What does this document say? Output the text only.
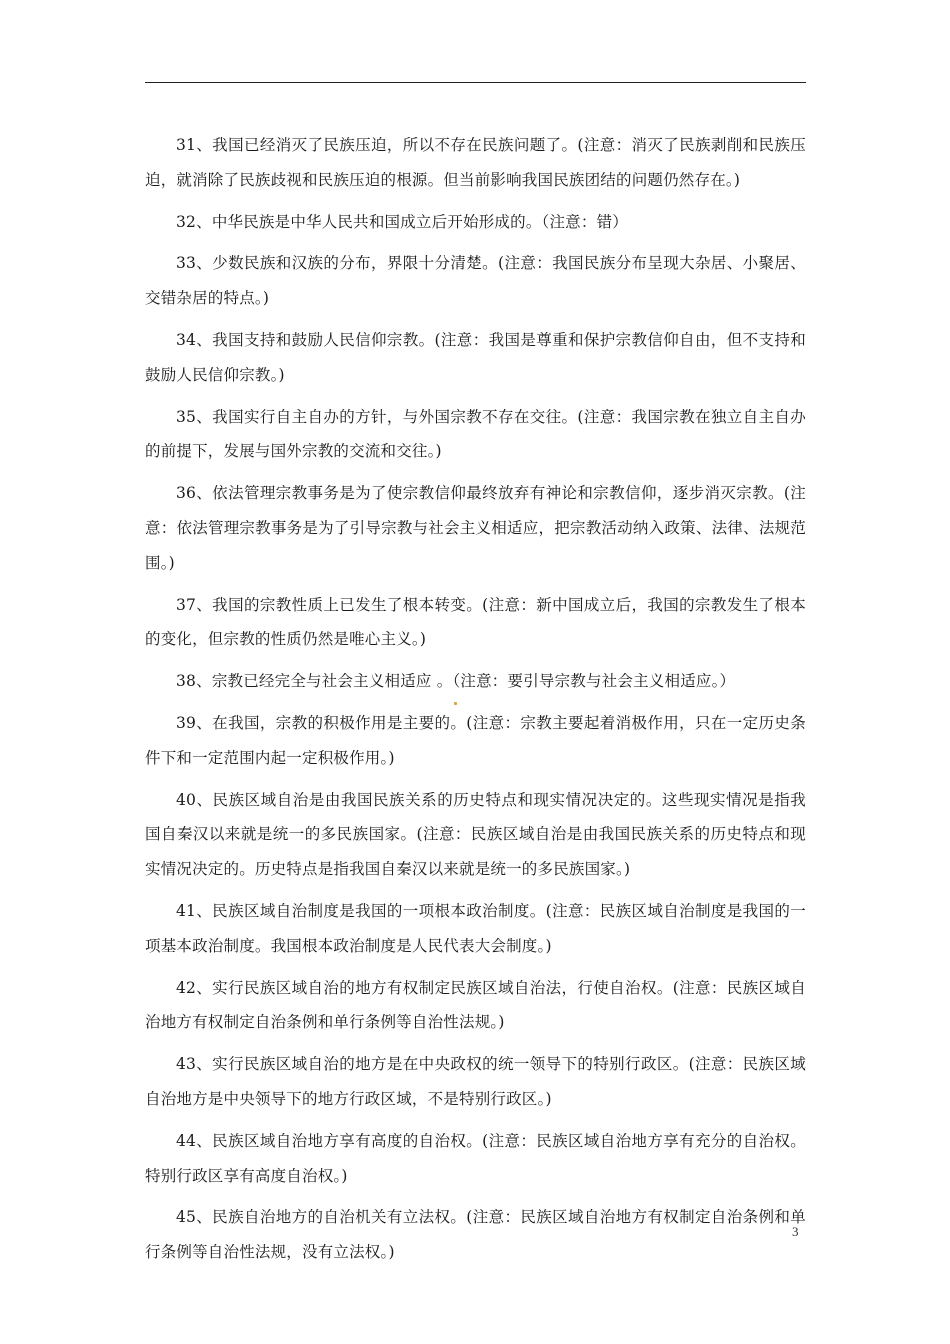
31、我国已经消灭了民族压迫，所以不存在民族问题了。(注意：消灭了民族剥削和民族压迫，就消除了民族歧视和民族压迫的根源。但当前影响我国民族团结的问题仍然存在。)

32、中华民族是中华人民共和国成立后开始形成的。（注意：错）

33、少数民族和汉族的分布，界限十分清楚。(注意：我国民族分布呈现大杂居、小聚居、交错杂居的特点。)

34、我国支持和鼓励人民信仰宗教。(注意：我国是尊重和保护宗教信仰自由，但不支持和鼓励人民信仰宗教。)

35、我国实行自主自办的方针，与外国宗教不存在交往。(注意：我国宗教在独立自主自办的前提下，发展与国外宗教的交流和交往。)

36、依法管理宗教事务是为了使宗教信仰最终放弃有神论和宗教信仰，逐步消灭宗教。(注意：依法管理宗教事务是为了引导宗教与社会主义相适应，把宗教活动纳入政策、法律、法规范围。)

37、我国的宗教性质上已发生了根本转变。(注意：新中国成立后，我国的宗教发生了根本的变化，但宗教的性质仍然是唯心主义。)

38、宗教已经完全与社会主义相适应 。（注意：要引导宗教与社会主义相适应。）

39、在我国，宗教的积极作用是主要的。(注意：宗教主要起着消极作用，只在一定历史条件下和一定范围内起一定积极作用。)

40、民族区域自治是由我国民族关系的历史特点和现实情况决定的。这些现实情况是指我国自秦汉以来就是统一的多民族国家。(注意：民族区域自治是由我国民族关系的历史特点和现实情况决定的。历史特点是指我国自秦汉以来就是统一的多民族国家。)

41、民族区域自治制度是我国的一项根本政治制度。(注意：民族区域自治制度是我国的一项基本政治制度。我国根本政治制度是人民代表大会制度。)

42、实行民族区域自治的地方有权制定民族区域自治法，行使自治权。(注意：民族区域自治地方有权制定自治条例和单行条例等自治性法规。)

43、实行民族区域自治的地方是在中央政权的统一领导下的特别行政区。(注意：民族区域自治地方是中央领导下的地方行政区域，不是特别行政区。)

44、民族区域自治地方享有高度的自治权。(注意：民族区域自治地方享有充分的自治权。特别行政区享有高度自治权。)

45、民族自治地方的自治机关有立法权。(注意：民族区域自治地方有权制定自治条例和单行条例等自治性法规，没有立法权。)

3
